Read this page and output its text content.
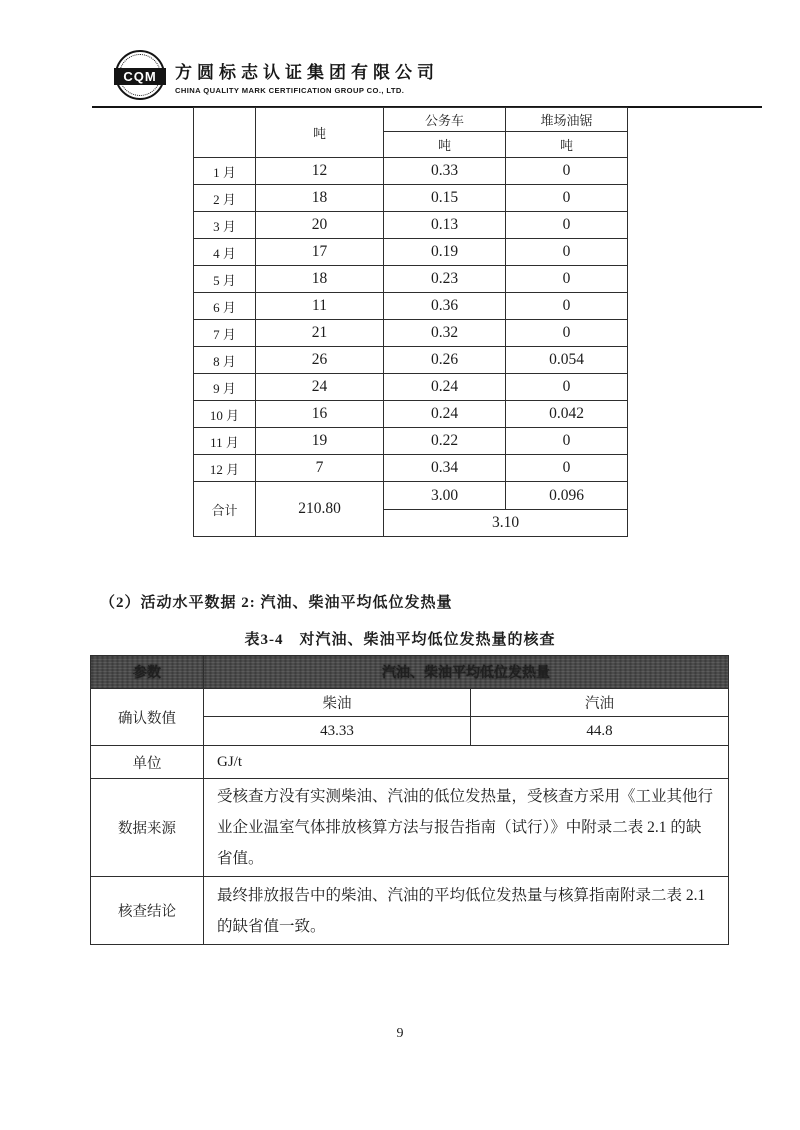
CQM	方圆标志认证集团有限公司
CHINA QUALITY MARK CERTIFICATION GROUP CO., LTD.
	吨	公务车	堆场油锯
		吨	吨
1 月	12	0.33	0
2 月	18	0.15	0
3 月	20	0.13	0
4 月	17	0.19	0
5 月	18	0.23	0
6 月	11	0.36	0
7 月	21	0.32	0
8 月	26	0.26	0.054
9 月	24	0.24	0
10 月	16	0.24	0.042
11 月	19	0.22	0
12 月	7	0.34	0
合计	210.80	3.00	0.096
		3.10	
（2）活动水平数据 2: 汽油、柴油平均低位发热量
表3-4　对汽油、柴油平均低位发热量的核查
参数	汽油、柴油平均低位发热量	
确认数值	柴油	汽油
	43.33	44.8
单位	GJ/t	
数据来源	受核查方没有实测柴油、汽油的低位发热量，受核查方采用《工业其他行业企业温室气体排放核算方法与报告指南（试行）》中附录二表 2.1 的缺省值。	
核查结论	最终排放报告中的柴油、汽油的平均低位发热量与核算指南附录二表 2.1 的缺省值一致。	
9
